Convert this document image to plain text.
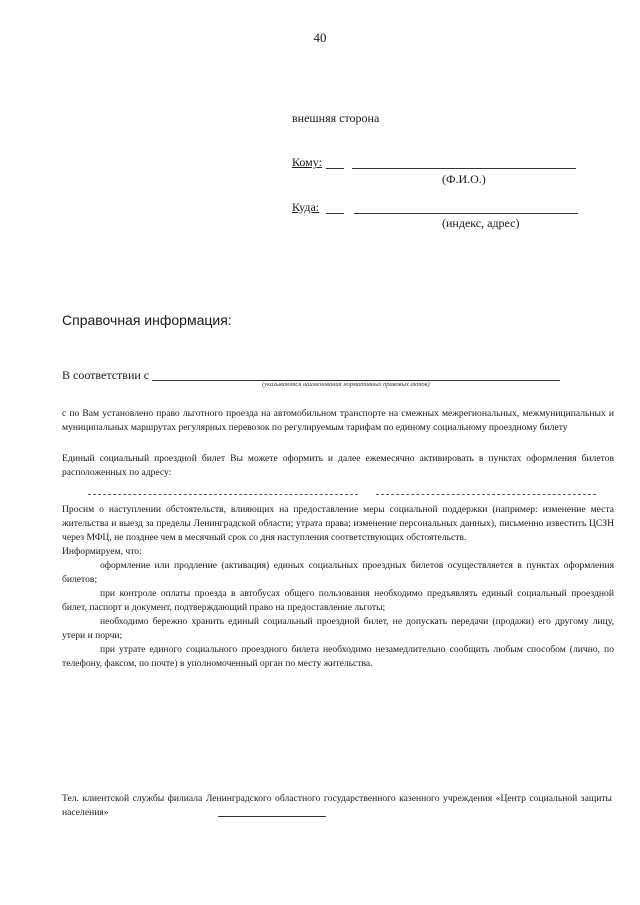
40
внешняя сторона
Кому:
(Ф.И.О.)
Куда:
(индекс, адрес)
Справочная информация:
В соответствии с
(указываются наименования нормативных правовых актов)

с по Вам установлено право льготного проезда на автомобильном транспорте на смежных межрегиональных, межмуниципальных и муниципальных маршрутах регулярных перевозок по регулируемым тарифам по единому социальному проездному билету

Единый социальный проездной билет Вы можете оформить и далее ежемесячно активировать в пунктах оформления билетов расположенных по адресу:

Просим о наступлении обстоятельств, влияющих на предоставление меры социальной поддержки (например: изменение места жительства и выезд за пределы Ленинградской области; утрата права; изменение персональных данных), письменно известить ЦСЗН через МФЦ, не позднее чем в месячный срок со дня наступления соответствующих обстоятельств.

Информируем, что:

оформление или продление (активация) единых социальных проездных билетов осуществляется в пунктах оформления билетов;

при контроле оплаты проезда в автобусах общего пользования необходимо предъявлять единый социальный проездной билет, паспорт и документ, подтверждающий право на предоставление льготы;

необходимо бережно хранить единый социальный проездной билет, не допускать передачи (продажи) его другому лицу, утери и порчи;

при утрате единого социального проездного билета необходимо незамедлительно сообщить любым способом (лично, по телефону, факсом, по почте) в уполномоченный орган по месту жительства.

Тел. клиентской службы филиала Ленинградского областного государственного казенного учреждения «Центр социальной защиты населения»
